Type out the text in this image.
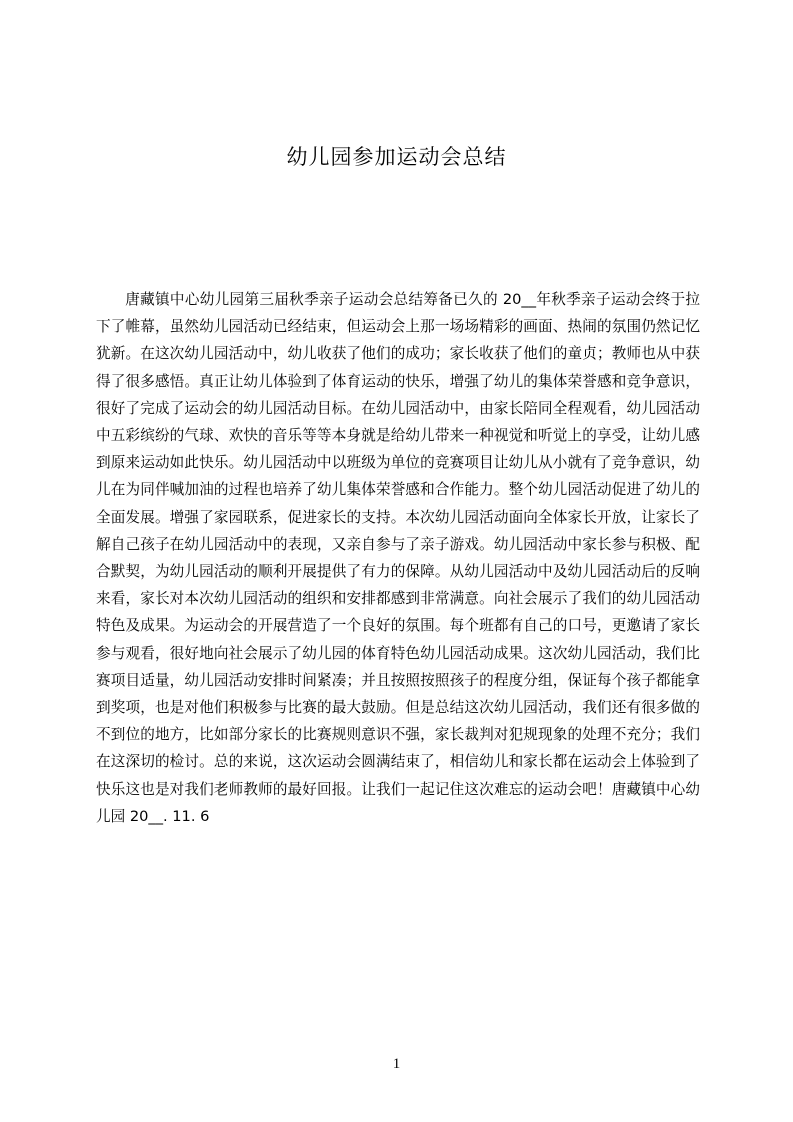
幼儿园参加运动会总结

唐藏镇中心幼儿园第三届秋季亲子运动会总结筹备已久的 20__年秋季亲子运动会终于拉下了帷幕，虽然幼儿园活动已经结束，但运动会上那一场场精彩的画面、热闹的氛围仍然记忆犹新。在这次幼儿园活动中，幼儿收获了他们的成功；家长收获了他们的童贞；教师也从中获得了很多感悟。真正让幼儿体验到了体育运动的快乐，增强了幼儿的集体荣誉感和竞争意识，很好了完成了运动会的幼儿园活动目标。在幼儿园活动中，由家长陪同全程观看，幼儿园活动中五彩缤纷的气球、欢快的音乐等等本身就是给幼儿带来一种视觉和听觉上的享受，让幼儿感到原来运动如此快乐。幼儿园活动中以班级为单位的竞赛项目让幼儿从小就有了竞争意识，幼儿在为同伴喊加油的过程也培养了幼儿集体荣誉感和合作能力。整个幼儿园活动促进了幼儿的全面发展。增强了家园联系，促进家长的支持。本次幼儿园活动面向全体家长开放，让家长了解自己孩子在幼儿园活动中的表现，又亲自参与了亲子游戏。幼儿园活动中家长参与积极、配合默契，为幼儿园活动的顺利开展提供了有力的保障。从幼儿园活动中及幼儿园活动后的反响来看，家长对本次幼儿园活动的组织和安排都感到非常满意。向社会展示了我们的幼儿园活动特色及成果。为运动会的开展营造了一个良好的氛围。每个班都有自己的口号，更邀请了家长参与观看，很好地向社会展示了幼儿园的体育特色幼儿园活动成果。这次幼儿园活动，我们比赛项目适量，幼儿园活动安排时间紧凑；并且按照按照孩子的程度分组，保证每个孩子都能拿到奖项，也是对他们积极参与比赛的最大鼓励。但是总结这次幼儿园活动，我们还有很多做的不到位的地方，比如部分家长的比赛规则意识不强，家长裁判对犯规现象的处理不充分；我们在这深切的检讨。总的来说，这次运动会圆满结束了，相信幼儿和家长都在运动会上体验到了快乐这也是对我们老师教师的最好回报。让我们一起记住这次难忘的运动会吧！唐藏镇中心幼儿园 20__. 11. 6

1
